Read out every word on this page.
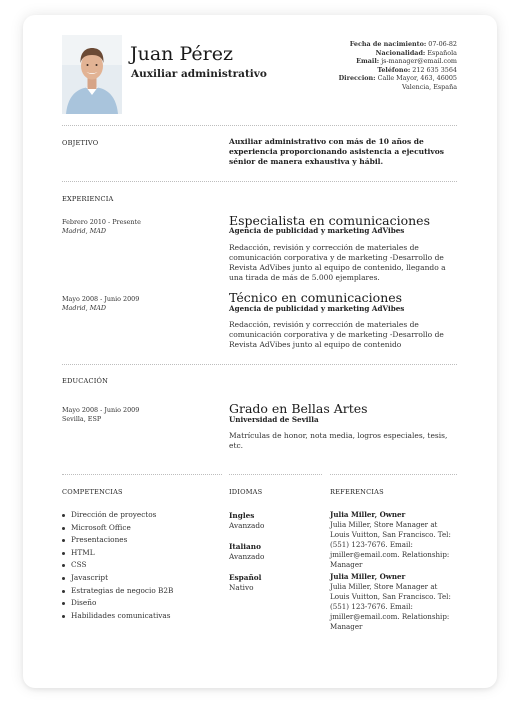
Juan Pérez
Auxiliar administrativo
Fecha de nacimiento: 07-06-82
Nacionalidad: Española
Email: js-manager@email.com
Teléfono: 212 635 3564
Direccion: Calle Mayor, 463, 46005
Valencia, España
OBJETIVO	Auxiliar administrativo con más de 10 años de experiencia proporcionando asistencia a ejecutivos sénior de manera exhaustiva y hábil.
EXPERIENCIA
Febrero 2010 - Presente
Madrid, MAD
Especialista en comunicaciones
Agencia de publicidad y marketing AdVibes
Redacción, revisión y corrección de materiales de comunicación corporativa y de marketing -Desarrollo de Revista AdVibes junto al equipo de contenido, llegando a una tirada de más de 5.000 ejemplares.
Mayo 2008 - Junio 2009
Madrid, MAD
Técnico en comunicaciones
Agencia de publicidad y marketing AdVibes
Redacción, revisión y corrección de materiales de comunicación corporativa y de marketing -Desarrollo de Revista AdVibes junto al equipo de contenido
EDUCACIÓN
Mayo 2008 - Junio 2009
Sevilla, ESP
Grado en Bellas Artes
Universidad de Sevilla
Matrículas de honor, nota media, logros especiales, tesis, etc.
COMPETENCIAS
Dirección de proyectos
Microsoft Office
Presentaciones
HTML
CSS
Javascript
Estrategias de negocio B2B
Diseño
Habilidades comunicativas
IDIOMAS
Ingles
Avanzado
Italiano
Avanzado
Español
Nativo
REFERENCIAS
Julia Miller, Owner
Julia Miller, Store Manager at Louis Vuitton, San Francisco. Tel: (551) 123-7676. Email: jmiller@email.com. Relationship: Manager
Julia Miller, Owner
Julia Miller, Store Manager at Louis Vuitton, San Francisco. Tel: (551) 123-7676. Email: jmiller@email.com. Relationship: Manager
